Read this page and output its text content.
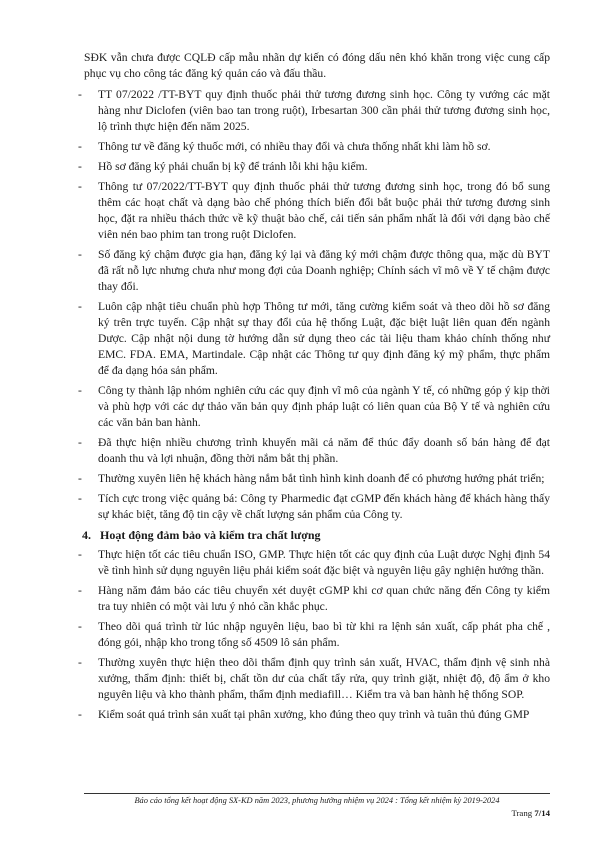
SĐK vẫn chưa được CQLĐ cấp mẫu nhãn dự kiến có đóng dấu nên khó khăn trong việc cung cấp phục vụ cho công tác đăng ký quản cáo và đấu thầu.

-	TT 07/2022 /TT-BYT quy định thuốc phải thử tương đương sinh học. Công ty vướng các mặt hàng như Diclofen (viên bao tan trong ruột), Irbesartan 300 cần phải thử tương đương sinh học, lộ trình thực hiện đến năm 2025.
-	Thông tư về đăng ký thuốc mới, có nhiều thay đổi và chưa thống nhất khi làm hồ sơ.
-	Hồ sơ đăng ký phải chuẩn bị kỹ để tránh lỗi khi hậu kiểm.
-	Thông tư 07/2022/TT-BYT quy định thuốc phải thử tương đương sinh học, trong đó bổ sung thêm các hoạt chất và dạng bào chế phóng thích biến đổi bắt buộc phải thử tương đương sinh học, đặt ra nhiều thách thức về kỹ thuật bào chế, cải tiến sản phẩm nhất là đối với dạng bào chế viên nén bao phim tan trong ruột Diclofen.
-	Số đăng ký chậm được gia hạn, đăng ký lại và đăng ký mới chậm được thông qua, mặc dù BYT đã rất nỗ lực nhưng chưa như mong đợi của Doanh nghiệp; Chính sách vĩ mô về Y tế chậm được thay đổi.
-	Luôn cập nhật tiêu chuẩn phù hợp Thông tư mới, tăng cường kiểm soát và theo dõi hồ sơ đăng ký trên trực tuyến. Cập nhật sự thay đổi của hệ thống Luật, đặc biệt luật liên quan đến ngành Dược. Cập nhật nội dung tờ hướng dẫn sử dụng theo các tài liệu tham khảo chính thống như EMC. FDA. EMA, Martindale. Cập nhật các Thông tư quy định đăng ký mỹ phẩm, thực phẩm để đa dạng hóa sản phẩm.
-	Công ty thành lập nhóm nghiên cứu các quy định vĩ mô của ngành Y tế, có những góp ý kịp thời và phù hợp với các dự thảo văn bản quy định pháp luật có liên quan của Bộ Y tế và nghiên cứu các văn bản ban hành.
-	Đã thực hiện nhiều chương trình khuyến mãi cả năm để thúc đẩy doanh số bán hàng để đạt doanh thu và lợi nhuận, đồng thời nắm bắt thị phần.
-	Thường xuyên liên hệ khách hàng nắm bắt tình hình kinh doanh để có phương hướng phát triển;
-	Tích cực trong việc quảng bá: Công ty Pharmedic đạt cGMP đến khách hàng để khách hàng thấy sự khác biệt, tăng độ tin cậy về chất lượng sản phẩm của Công ty.
4. Hoạt động đảm bảo và kiểm tra chất lượng
-	Thực hiện tốt các tiêu chuẩn ISO, GMP. Thực hiện tốt các quy định của Luật dược Nghị định 54 về tình hình sử dụng nguyên liệu phải kiểm soát đặc biệt và nguyên liệu gây nghiện hướng thần.
-	Hàng năm đảm bảo các tiêu chuyển xét duyệt cGMP khi cơ quan chức năng đến Công ty kiểm tra tuy nhiên có một vài lưu ý nhỏ cần khắc phục.
-	Theo dõi quá trình từ lúc nhập nguyên liệu, bao bì từ khi ra lệnh sản xuất, cấp phát pha chế , đóng gói, nhập kho trong tổng số 4509 lô sản phẩm.
-	Thường xuyên thực hiện theo dõi thẩm định quy trình sản xuất, HVAC, thẩm định vệ sinh nhà xưởng, thẩm định: thiết bị, chất tồn dư của chất tẩy rửa, quy trình giặt, nhiệt độ, độ ẩm ở kho nguyên liệu và kho thành phẩm, thẩm định mediafill… Kiểm tra và ban hành hệ thống SOP.
-	Kiểm soát quá trình sản xuất tại phân xưởng, kho đúng theo quy trình và tuân thủ đúng GMP
Báo cáo tổng kết hoạt động SX-KD năm 2023, phương hướng nhiệm vụ 2024 : Tổng kết nhiệm kỳ 2019-2024
Trang 7/14
